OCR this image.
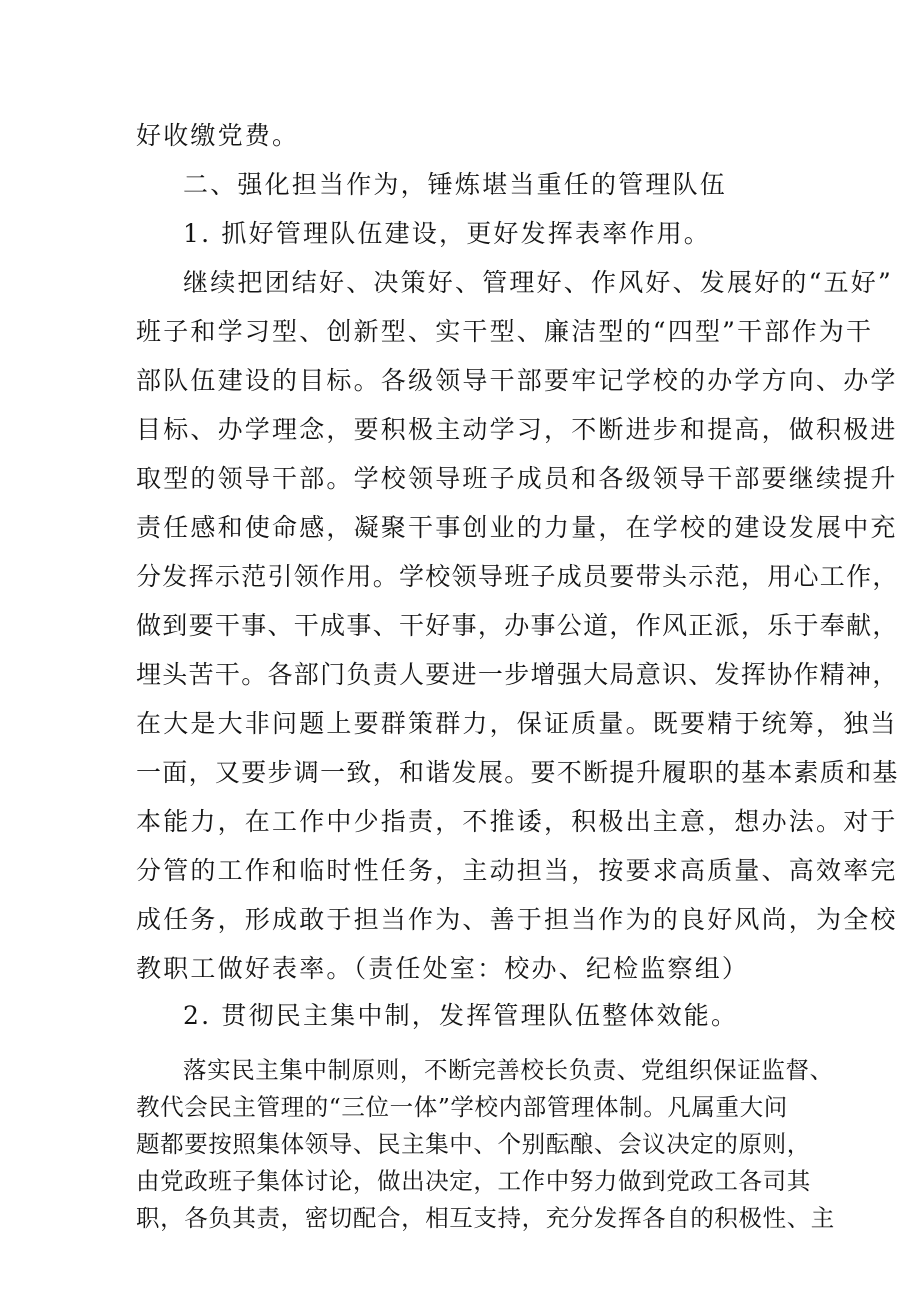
好收缴党费。
二、强化担当作为，锤炼堪当重任的管理队伍
1. 抓好管理队伍建设，更好发挥表率作用。
继续把团结好、决策好、管理好、作风好、发展好的“五好”
班子和学习型、创新型、实干型、廉洁型的“四型”干部作为干
部队伍建设的目标。各级领导干部要牢记学校的办学方向、办学
目标、办学理念，要积极主动学习，不断进步和提高，做积极进
取型的领导干部。学校领导班子成员和各级领导干部要继续提升
责任感和使命感，凝聚干事创业的力量，在学校的建设发展中充
分发挥示范引领作用。学校领导班子成员要带头示范，用心工作，
做到要干事、干成事、干好事，办事公道，作风正派，乐于奉献，
埋头苦干。各部门负责人要进一步增强大局意识、发挥协作精神，
在大是大非问题上要群策群力，保证质量。既要精于统筹，独当
一面，又要步调一致，和谐发展。要不断提升履职的基本素质和基
本能力，在工作中少指责，不推诿，积极出主意，想办法。对于
分管的工作和临时性任务，主动担当，按要求高质量、高效率完
成任务，形成敢于担当作为、善于担当作为的良好风尚，为全校
教职工做好表率。（责任处室：校办、纪检监察组）
2. 贯彻民主集中制，发挥管理队伍整体效能。
落实民主集中制原则，不断完善校长负责、党组织保证监督、
教代会民主管理的“三位一体”学校内部管理体制。凡属重大问
题都要按照集体领导、民主集中、个别酝酿、会议决定的原则，
由党政班子集体讨论，做出决定，工作中努力做到党政工各司其
职，各负其责，密切配合，相互支持，充分发挥各自的积极性、主
